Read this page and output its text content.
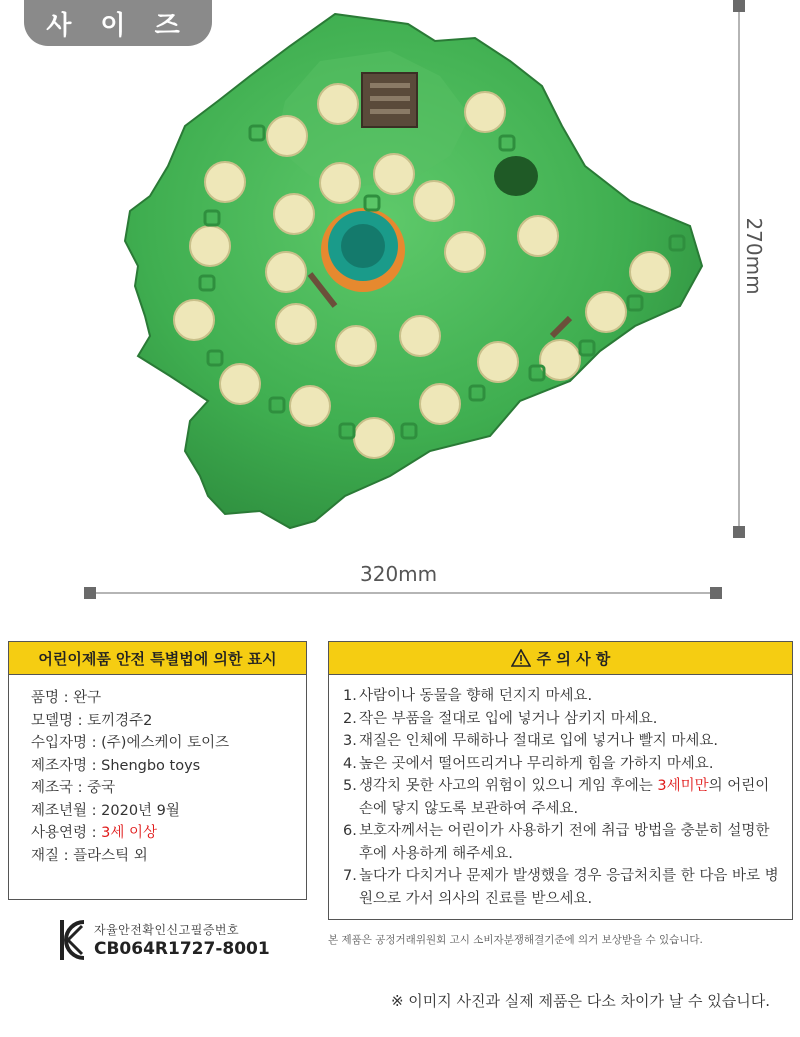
사 이 즈
270mm
320mm
어린이제품 안전 특별법에 의한 표시
품명 : 완구
모델명 : 토끼경주2
수입자명 : (주)에스케이 토이즈
제조자명 : Shengbo toys
제조국 : 중국
제조년월 : 2020년 9월
사용연령 : 3세 이상
재질 : 플라스틱 외
주 의 사 항
1. 사람이나 동물을 향해 던지지 마세요.
2. 작은 부품을 절대로 입에 넣거나 삼키지 마세요.
3. 재질은 인체에 무해하나 절대로 입에 넣거나 빨지 마세요.
4. 높은 곳에서 떨어뜨리거나 무리하게 힘을 가하지 마세요.
5. 생각치 못한 사고의 위험이 있으니 게임 후에는 3세미만의 어린이 손에 닿지 않도록 보관하여 주세요.
6. 보호자께서는 어린이가 사용하기 전에 취급 방법을 충분히 설명한 후에 사용하게 해주세요.
7. 놀다가 다치거나 문제가 발생했을 경우 응급처치를 한 다음 바로 병원으로 가서 의사의 진료를 받으세요.
자율안전확인신고필증번호
CB064R1727-8001	본 제품은 공정거래위원회 고시 소비자분쟁해결기준에 의거 보상받을 수 있습니다.
※ 이미지 사진과 실제 제품은 다소 차이가 날 수 있습니다.
